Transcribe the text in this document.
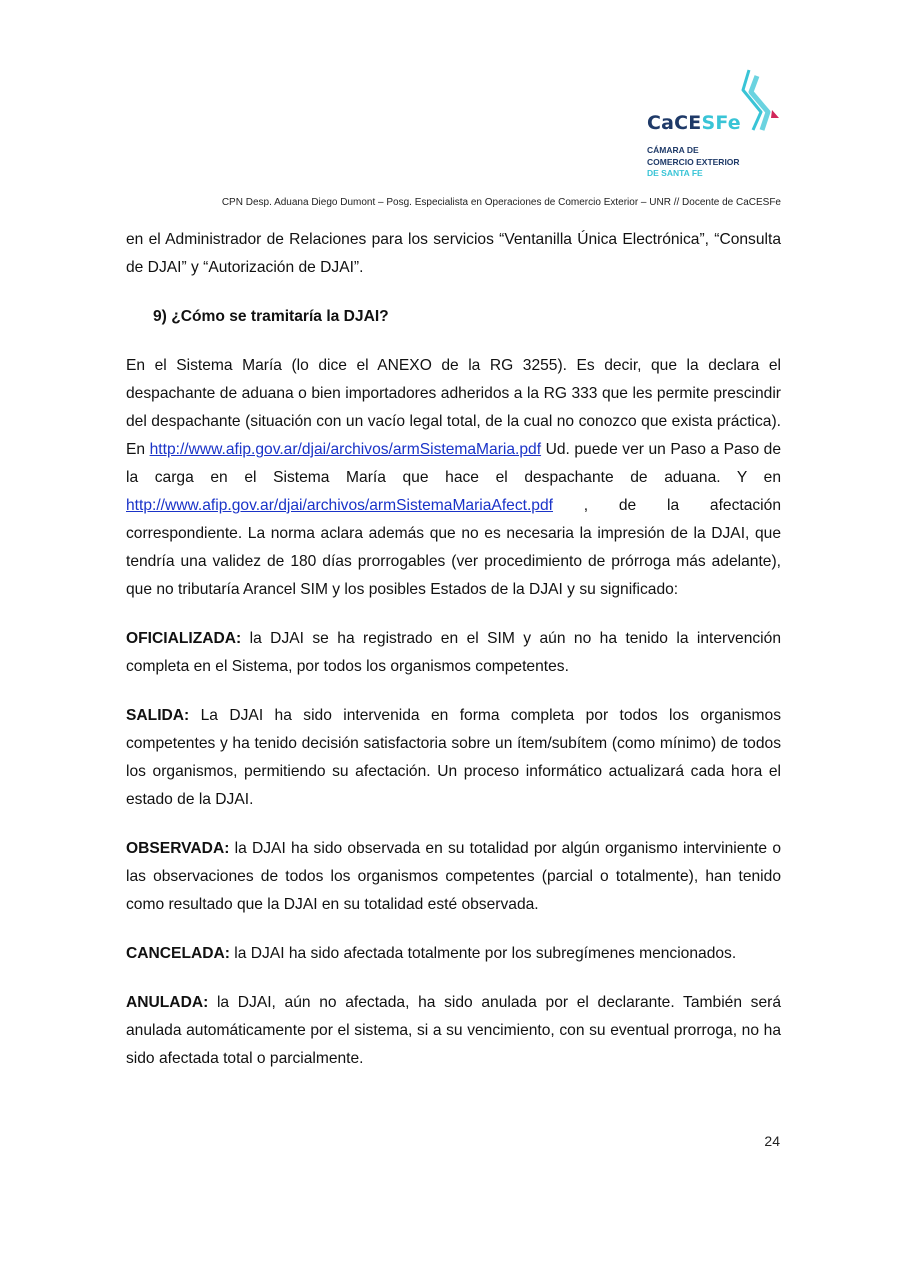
CaCESFe
CÁMARA DE
COMERCIO EXTERIOR
DE SANTA FE
CPN Desp. Aduana Diego Dumont – Posg. Especialista en Operaciones de Comercio Exterior – UNR // Docente de CaCESFe

en el Administrador de Relaciones para los servicios “Ventanilla Única Electrónica”, “Consulta de DJAI” y “Autorización de DJAI”.

9) ¿Cómo se tramitaría la DJAI?

En el Sistema María (lo dice el ANEXO de la RG 3255). Es decir, que la declara el despachante de aduana o bien importadores adheridos a la RG 333 que les permite prescindir del despachante (situación con un vacío legal total, de la cual no conozco que exista práctica). En http://www.afip.gov.ar/djai/archivos/armSistemaMaria.pdf Ud. puede ver un Paso a Paso de la carga en el Sistema María que hace el despachante de aduana. Y en http://www.afip.gov.ar/djai/archivos/armSistemaMariaAfect.pdf , de la afectación correspondiente. La norma aclara además que no es necesaria la impresión de la DJAI, que tendría una validez de 180 días prorrogables (ver procedimiento de prórroga más adelante), que no tributaría Arancel SIM y los posibles Estados de la DJAI y su significado:

OFICIALIZADA: la DJAI se ha registrado en el SIM y aún no ha tenido la intervención completa en el Sistema, por todos los organismos competentes.

SALIDA: La DJAI ha sido intervenida en forma completa por todos los organismos competentes y ha tenido decisión satisfactoria sobre un ítem/subítem (como mínimo) de todos los organismos, permitiendo su afectación. Un proceso informático actualizará cada hora el estado de la DJAI.

OBSERVADA: la DJAI ha sido observada en su totalidad por algún organismo interviniente o las observaciones de todos los organismos competentes (parcial o totalmente), han tenido como resultado que la DJAI en su totalidad esté observada.

CANCELADA: la DJAI ha sido afectada totalmente por los subregímenes mencionados.

ANULADA: la DJAI, aún no afectada, ha sido anulada por el declarante. También será anulada automáticamente por el sistema, si a su vencimiento, con su eventual prorroga, no ha sido afectada total o parcialmente.

24
